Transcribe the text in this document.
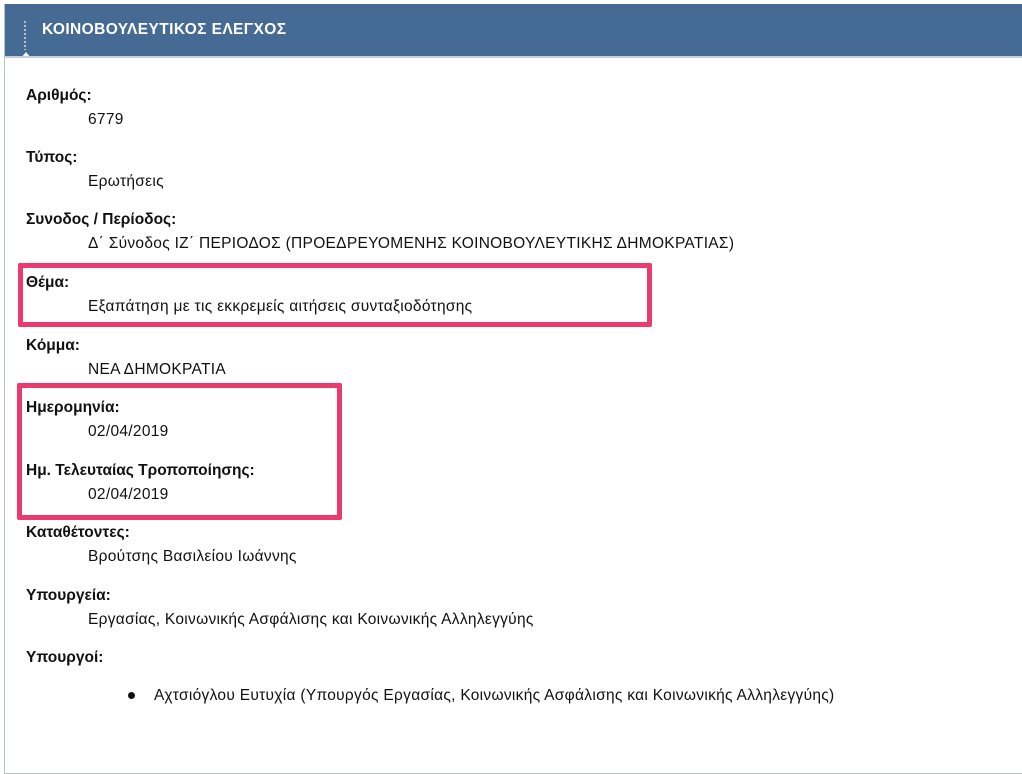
ΚΟΙΝΟΒΟΥΛΕΥΤΙΚΟΣ ΕΛΕΓΧΟΣ
Αριθμός:
6779
Τύπος:
Ερωτήσεις
Συνοδος / Περίοδος:
Δ΄ Σύνοδος ΙΖ΄ ΠΕΡΙΟΔΟΣ (ΠΡΟΕΔΡΕΥΟΜΕΝΗΣ ΚΟΙΝΟΒΟΥΛΕΥΤΙΚΗΣ ΔΗΜΟΚΡΑΤΙΑΣ)
Θέμα:
Εξαπάτηση με τις εκκρεμείς αιτήσεις συνταξιοδότησης
Κόμμα:
ΝΕΑ ΔΗΜΟΚΡΑΤΙΑ
Ημερομηνία:
02/04/2019
Ημ. Τελευταίας Τροποποίησης:
02/04/2019
Καταθέτοντες:
Βρούτσης Βασιλείου Ιωάννης
Υπουργεία:
Εργασίας, Κοινωνικής Ασφάλισης και Κοινωνικής Αλληλεγγύης
Υπουργοί:
Αχτσιόγλου Ευτυχία (Υπουργός Εργασίας, Κοινωνικής Ασφάλισης και Κοινωνικής Αλληλεγγύης)
